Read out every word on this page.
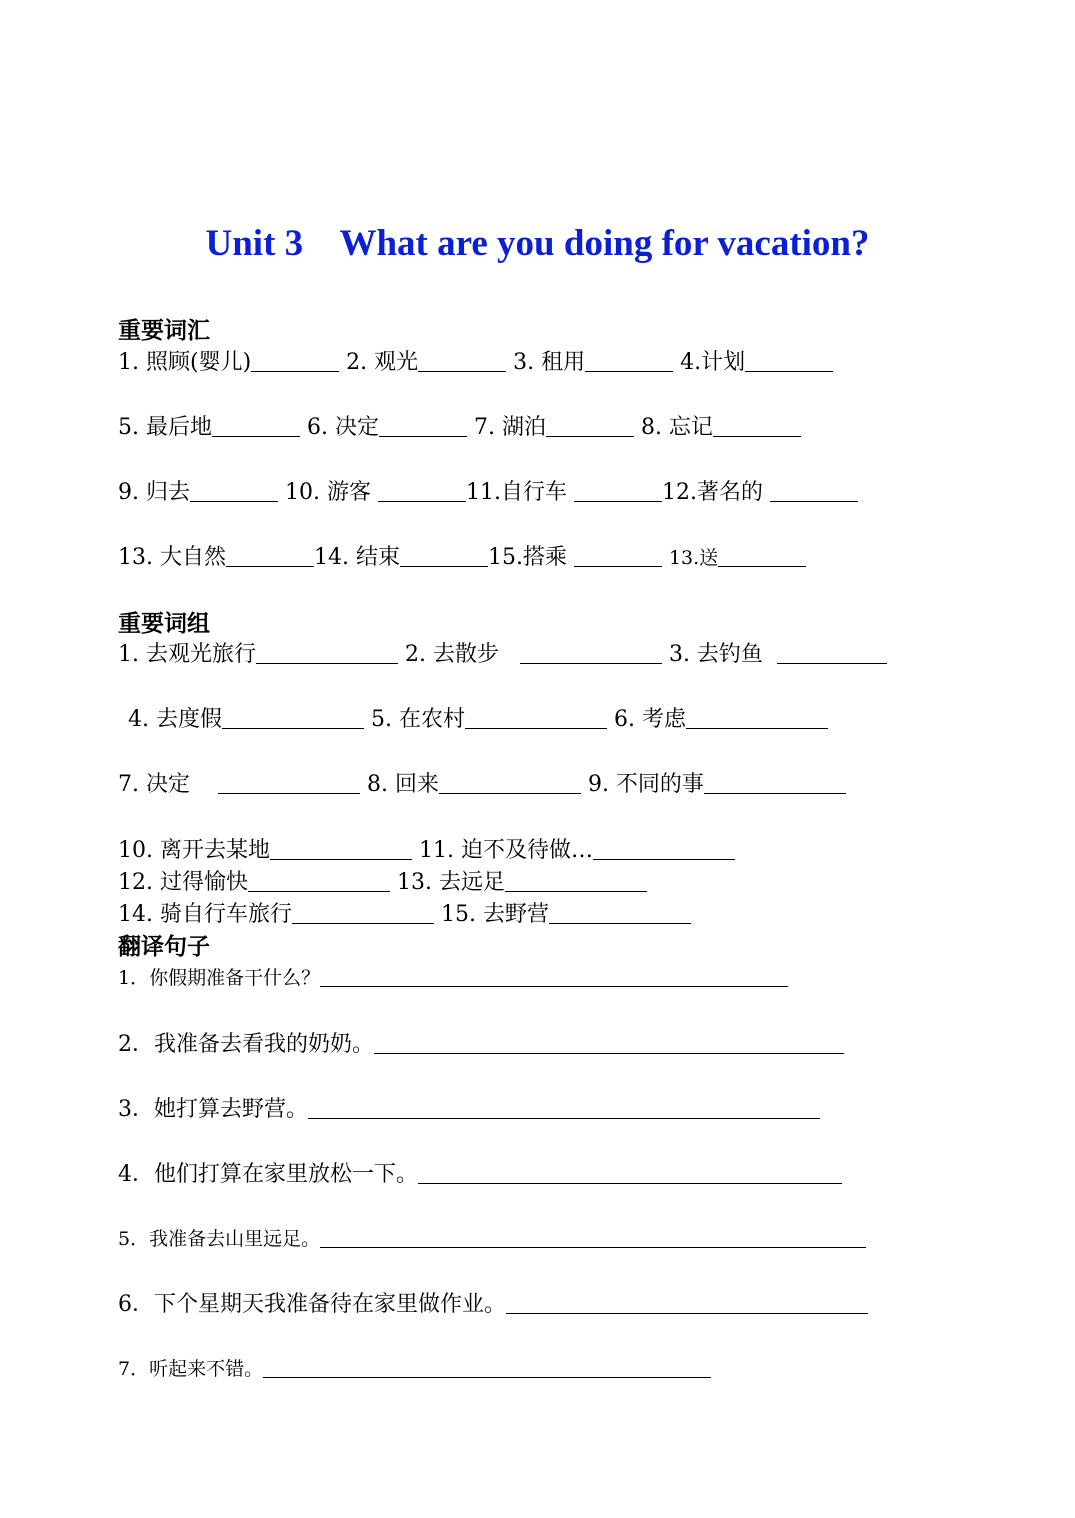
Unit 3    What are you doing for vacation?
重要词汇
1. 照顾(婴儿)	2. 观光	3. 租用	4.计划
5. 最后地	6. 决定	7. 湖泊	8. 忘记
9. 归去	10. 游客	11.自行车	12.著名的
13. 大自然	14. 结束	15.搭乘	13.送
重要词组
1. 去观光旅行	2. 去散步	3. 去钓鱼
4. 去度假	5. 在农村	6. 考虑
7. 决定	8. 回来	9. 不同的事
10. 离开去某地	11. 迫不及待做…
12. 过得愉快	13. 去远足
14. 骑自行车旅行	15. 去野营
翻译句子
1．你假期准备干什么？
2．我准备去看我的奶奶。
3．她打算去野营。
4．他们打算在家里放松一下。
5．我准备去山里远足。
6．下个星期天我准备待在家里做作业。
7．听起来不错。
